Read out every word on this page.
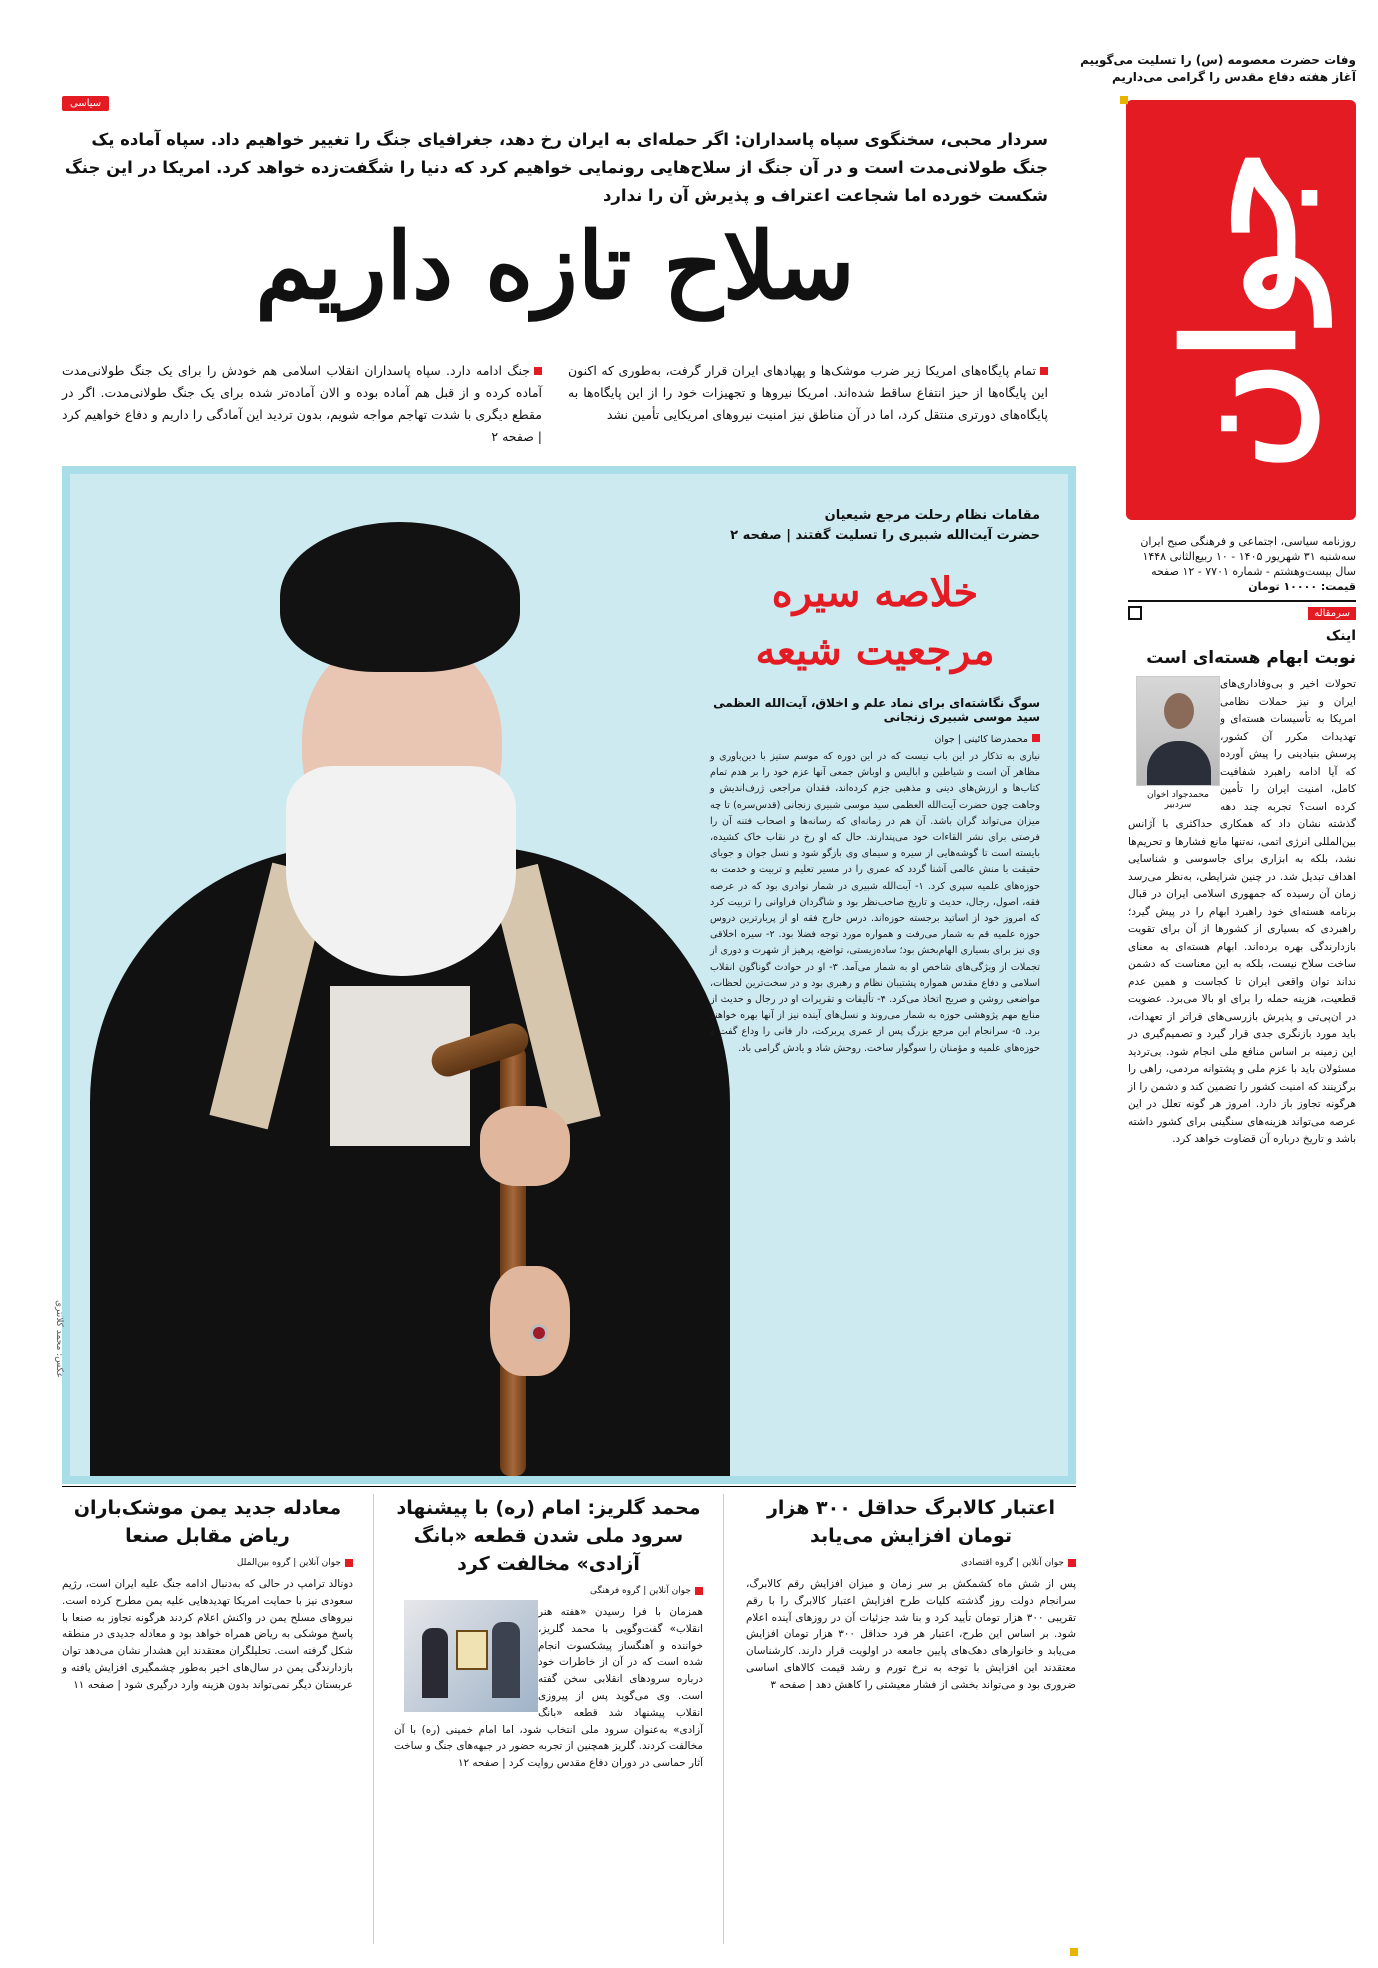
وفات حضرت معصومه (س) را تسلیت می‌گوییم
آغاز هفته دفاع مقدس را گرامی می‌داریم
جوان
روزنامه سیاسی، اجتماعی و فرهنگی صبح ایران
سه‌شنبه ۳۱ شهریور ۱۴۰۵ - ۱۰ ربیع‌الثانی ۱۴۴۸
سال بیست‌وهشتم - شماره ۷۷۰۱ - ۱۲ صفحه
قیمت: ۱۰۰۰۰ تومان
سیاسی
سردار محبی، سخنگوی سپاه پاسداران: اگر حمله‌ای به ایران رخ دهد، جغرافیای جنگ را تغییر خواهیم داد. سپاه آماده یک جنگ طولانی‌مدت است و در آن جنگ از سلاح‌هایی رونمایی خواهیم کرد که دنیا را شگفت‌زده خواهد کرد. امریکا در این جنگ شکست خورده اما شجاعت اعتراف و پذیرش آن را ندارد
سلاح تازه داریم

تمام پایگاه‌های امریکا زیر ضرب موشک‌ها و پهپادهای ایران قرار گرفت، به‌طوری که اکنون این پایگاه‌ها از حیز انتفاع ساقط شده‌اند. امریکا نیروها و تجهیزات خود را از این پایگاه‌ها به پایگاه‌های دورتری منتقل کرد، اما در آن مناطق نیز امنیت نیروهای امریکایی تأمین نشد

جنگ ادامه دارد. سپاه پاسداران انقلاب اسلامی هم خودش را برای یک جنگ طولانی‌مدت آماده کرده و از قبل هم آماده بوده و الان آماده‌تر شده برای یک جنگ طولانی‌مدت. اگر در مقطع دیگری با شدت تهاجم مواجه شویم، بدون تردید این آمادگی را داریم و دفاع خواهیم کرد | صفحه ۲

مقامات نظام رحلت مرجع شیعیان
حضرت آیت‌الله شبیری را تسلیت گفتند | صفحه ۲
خلاصه سیره
مرجعیت شیعه
سوگ نگاشته‌ای برای نماد علم و اخلاق، آیت‌الله العظمی سید موسی شبیری زنجانی
محمدرضا کائینی | جوان
نیازی به تذکار در این باب نیست که در این دوره که موسم ستیز با دین‌باوری و مظاهر آن است و شیاطین و ابالیس و اوباش جمعی آنها عزم خود را بر هدم تمام کتاب‌ها و ارزش‌های دینی و مذهبی جزم کرده‌اند، فقدان مراجعی ژرف‌اندیش و وجاهت چون حضرت آیت‌الله العظمی سید موسی شبیری زنجانی (قدس‌سره) تا چه میزان می‌تواند گران باشد. آن هم در زمانه‌ای که رسانه‌ها و اصحاب فتنه آن را فرصتی برای نشر القاءات خود می‌پندارند. حال که او رخ در نقاب خاک کشیده، بایسته است تا گوشه‌هایی از سیره و سیمای وی بازگو شود و نسل جوان و جویای حقیقت با منش عالمی آشنا گردد که عمری را در مسیر تعلیم و تربیت و خدمت به حوزه‌های علمیه سپری کرد. ۱- آیت‌الله شبیری در شمار نوادری بود که در عرصه فقه، اصول، رجال، حدیث و تاریخ صاحب‌نظر بود و شاگردان فراوانی را تربیت کرد که امروز خود از اساتید برجسته حوزه‌اند. درس خارج فقه او از پربارترین دروس حوزه علمیه قم به شمار می‌رفت و همواره مورد توجه فضلا بود. ۲- سیره اخلاقی وی نیز برای بسیاری الهام‌بخش بود؛ ساده‌زیستی، تواضع، پرهیز از شهرت و دوری از تجملات از ویژگی‌های شاخص او به شمار می‌آمد. ۳- او در حوادث گوناگون انقلاب اسلامی و دفاع مقدس همواره پشتیبان نظام و رهبری بود و در سخت‌ترین لحظات، مواضعی روشن و صریح اتخاذ می‌کرد. ۴- تألیفات و تقریرات او در رجال و حدیث از منابع مهم پژوهشی حوزه به شمار می‌روند و نسل‌های آینده نیز از آنها بهره خواهند برد. ۵- سرانجام این مرجع بزرگ پس از عمری پربرکت، دار فانی را وداع گفت و حوزه‌های علمیه و مؤمنان را سوگوار ساخت. روحش شاد و یادش گرامی باد.
عکس: محمد کلانتری
سرمقاله
اینک
نوبت ابهام هسته‌ای است
محمدجواد اخوان
سردبیر
تحولات اخیر و بی‌وفاداری‌های ایران و نیز حملات نظامی امریکا به تأسیسات هسته‌ای و تهدیدات مکرر آن کشور، پرسش بنیادینی را پیش آورده که آیا ادامه راهبرد شفافیت کامل، امنیت ایران را تأمین کرده است؟ تجربه چند دهه گذشته نشان داد که همکاری حداکثری با آژانس بین‌المللی انرژی اتمی، نه‌تنها مانع فشارها و تحریم‌ها نشد، بلکه به ابزاری برای جاسوسی و شناسایی اهداف تبدیل شد. در چنین شرایطی، به‌نظر می‌رسد زمان آن رسیده که جمهوری اسلامی ایران در قبال برنامه هسته‌ای خود راهبرد ابهام را در پیش گیرد؛ راهبردی که بسیاری از کشورها از آن برای تقویت بازدارندگی بهره برده‌اند. ابهام هسته‌ای به معنای ساخت سلاح نیست، بلکه به این معناست که دشمن نداند توان واقعی ایران تا کجاست و همین عدم قطعیت، هزینه حمله را برای او بالا می‌برد. عضویت در ان‌پی‌تی و پذیرش بازرسی‌های فراتر از تعهدات، باید مورد بازنگری جدی قرار گیرد و تصمیم‌گیری در این زمینه بر اساس منافع ملی انجام شود. بی‌تردید مسئولان باید با عزم ملی و پشتوانه مردمی، راهی را برگزینند که امنیت کشور را تضمین کند و دشمن را از هرگونه تجاوز باز دارد. امروز هر گونه تعلل در این عرصه می‌تواند هزینه‌های سنگینی برای کشور داشته باشد و تاریخ درباره آن قضاوت خواهد کرد.
اعتبار کالابرگ حداقل ۳۰۰ هزار تومان افزایش می‌یابد
جوان آنلاین | گروه اقتصادی
پس از شش ماه کشمکش بر سر زمان و میزان افزایش رقم کالابرگ، سرانجام دولت روز گذشته کلیات طرح افزایش اعتبار کالابرگ را با رقم تقریبی ۳۰۰ هزار تومان تأیید کرد و بنا شد جزئیات آن در روزهای آینده اعلام شود. بر اساس این طرح، اعتبار هر فرد حداقل ۳۰۰ هزار تومان افزایش می‌یابد و خانوارهای دهک‌های پایین جامعه در اولویت قرار دارند. کارشناسان معتقدند این افزایش با توجه به نرخ تورم و رشد قیمت کالاهای اساسی ضروری بود و می‌تواند بخشی از فشار معیشتی را کاهش دهد | صفحه ۳
محمد گلریز: امام (ره) با پیشنهاد سرود ملی شدن قطعه «بانگ آزادی» مخالفت کرد
جوان آنلاین | گروه فرهنگی
همزمان با فرا رسیدن «هفته هنر انقلاب» گفت‌وگویی با محمد گلریز، خواننده و آهنگساز پیشکسوت انجام شده است که در آن از خاطرات خود درباره سرودهای انقلابی سخن گفته است. وی می‌گوید پس از پیروزی انقلاب پیشنهاد شد قطعه «بانگ آزادی» به‌عنوان سرود ملی انتخاب شود، اما امام خمینی (ره) با آن مخالفت کردند. گلریز همچنین از تجربه حضور در جبهه‌های جنگ و ساخت آثار حماسی در دوران دفاع مقدس روایت کرد | صفحه ۱۲
معادله جدید یمن موشک‌باران ریاض مقابل صنعا
جوان آنلاین | گروه بین‌الملل
دونالد ترامپ در حالی که به‌دنبال ادامه جنگ علیه ایران است، رژیم سعودی نیز با حمایت امریکا تهدیدهایی علیه یمن مطرح کرده است. نیروهای مسلح یمن در واکنش اعلام کردند هرگونه تجاوز به صنعا با پاسخ موشکی به ریاض همراه خواهد بود و معادله جدیدی در منطقه شکل گرفته است. تحلیلگران معتقدند این هشدار نشان می‌دهد توان بازدارندگی یمن در سال‌های اخیر به‌طور چشمگیری افزایش یافته و عربستان دیگر نمی‌تواند بدون هزینه وارد درگیری شود | صفحه ۱۱
